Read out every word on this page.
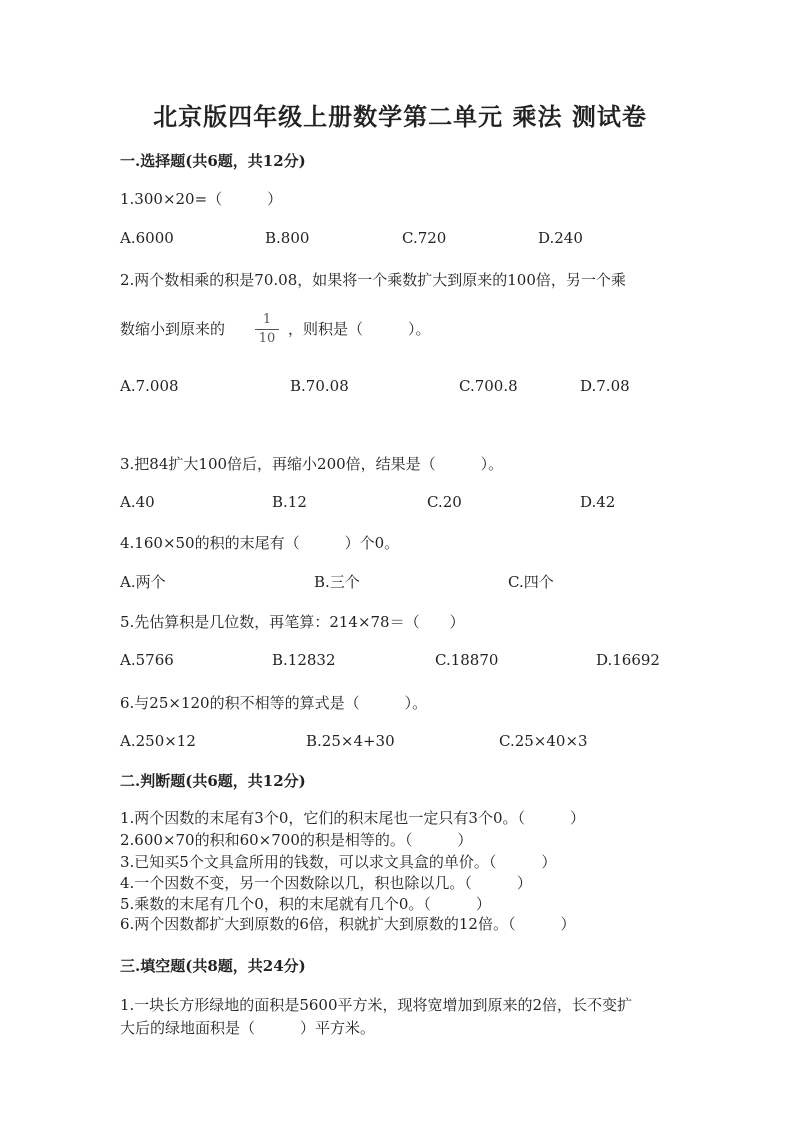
北京版四年级上册数学第二单元 乘法 测试卷
一.选择题(共6题，共12分)
1.300×20=（　　　）
A.6000	B.800	C.720	D.240
2.两个数相乘的积是70.08，如果将一个乘数扩大到原来的100倍，另一个乘
数缩小到原来的
1
10
，则积是（　　　）。
A.7.008	B.70.08	C.700.8	D.7.08
3.把84扩大100倍后，再缩小200倍，结果是（　　　）。
A.40	B.12	C.20	D.42
4.160×50的积的末尾有（　　　）个0。
A.两个	B.三个	C.四个
5.先估算积是几位数，再笔算：214×78＝（　　）
A.5766	B.12832	C.18870	D.16692
6.与25×120的积不相等的算式是（　　　）。
A.250×12	B.25×4+30	C.25×40×3
二.判断题(共6题，共12分)
1.两个因数的末尾有3个0，它们的积末尾也一定只有3个0。（　　　）
2.600×70的积和60×700的积是相等的。（　　　）
3.已知买5个文具盒所用的钱数，可以求文具盒的单价。（　　　）
4.一个因数不变，另一个因数除以几，积也除以几。（　　　）
5.乘数的末尾有几个0，积的末尾就有几个0。（　　　）
6.两个因数都扩大到原数的6倍，积就扩大到原数的12倍。（　　　）
三.填空题(共8题，共24分)
1.一块长方形绿地的面积是5600平方米，现将宽增加到原来的2倍，长不变扩
大后的绿地面积是（　　　）平方米。
